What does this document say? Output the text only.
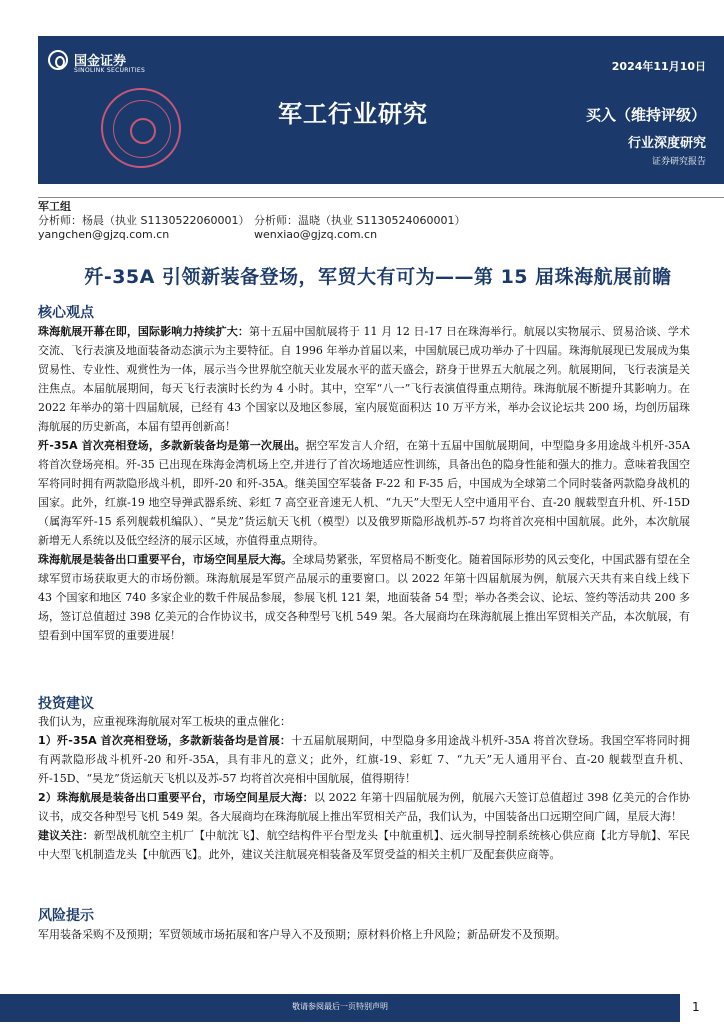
国金证券
SINOLINK SECURITIES
军工行业研究
2024年11月10日
买入（维持评级）
行业深度研究
证券研究报告
军工组
分析师：杨晨（执业 S1130522060001） 分析师：温晓（执业 S1130524060001）
yangchen@gjzq.com.cn	wenxiao@gjzq.com.cn
歼-35A 引领新装备登场，军贸大有可为——第 15 届珠海航展前瞻
核心观点

珠海航展开幕在即，国际影响力持续扩大：第十五届中国航展将于 11 月 12 日-17 日在珠海举行。航展以实物展示、贸易洽谈、学术交流、飞行表演及地面装备动态演示为主要特征。自 1996 年举办首届以来，中国航展已成功举办了十四届。珠海航展现已发展成为集贸易性、专业性、观赏性为一体，展示当今世界航空航天业发展水平的蓝天盛会，跻身于世界五大航展之列。航展期间，飞行表演是关注焦点。本届航展期间，每天飞行表演时长约为 4 小时。其中，空军“八一”飞行表演值得重点期待。珠海航展不断提升其影响力。在 2022 年举办的第十四届航展，已经有 43 个国家以及地区参展，室内展览面积达 10 万平方米，举办会议论坛共 200 场，均创历届珠海航展的历史新高，本届有望再创新高！

歼-35A 首次亮相登场，多款新装备均是第一次展出。据空军发言人介绍，在第十五届中国航展期间，中型隐身多用途战斗机歼-35A 将首次登场亮相。歼-35 已出现在珠海金湾机场上空,并进行了首次场地适应性训练，具备出色的隐身性能和强大的推力。意味着我国空军将同时拥有两款隐形战斗机，即歼-20 和歼-35A。继美国空军装备 F-22 和 F-35 后，中国成为全球第二个同时装备两款隐身战机的国家。此外，红旗-19 地空导弹武器系统、彩虹 7 高空亚音速无人机、“九天”大型无人空中通用平台、直-20 舰载型直升机、歼-15D（属海军歼-15 系列舰载机编队）、“昊龙”货运航天飞机（模型）以及俄罗斯隐形战机苏-57 均将首次亮相中国航展。此外，本次航展新增无人系统以及低空经济的展示区域，亦值得重点期待。

珠海航展是装备出口重要平台，市场空间星辰大海。全球局势紧张，军贸格局不断变化。随着国际形势的风云变化，中国武器有望在全球军贸市场获取更大的市场份额。珠海航展是军贸产品展示的重要窗口。以 2022 年第十四届航展为例，航展六天共有来自线上线下 43 个国家和地区 740 多家企业的数千件展品参展，参展飞机 121 架，地面装备 54 型；举办各类会议、论坛、签约等活动共 200 多场，签订总值超过 398 亿美元的合作协议书，成交各种型号飞机 549 架。各大展商均在珠海航展上推出军贸相关产品，本次航展，有望看到中国军贸的重要进展！

投资建议

我们认为，应重视珠海航展对军工板块的重点催化：

1）歼-35A 首次亮相登场，多款新装备均是首展：十五届航展期间，中型隐身多用途战斗机歼-35A 将首次登场。我国空军将同时拥有两款隐形战斗机歼-20 和歼-35A，具有非凡的意义；此外，红旗-19、彩虹 7、“九天”无人通用平台、直-20 舰载型直升机、歼-15D、“昊龙”货运航天飞机以及苏-57 均将首次亮相中国航展，值得期待！

2）珠海航展是装备出口重要平台，市场空间星辰大海：以 2022 年第十四届航展为例，航展六天签订总值超过 398 亿美元的合作协议书，成交各种型号飞机 549 架。各大展商均在珠海航展上推出军贸相关产品，我们认为，中国装备出口远期空间广阔，星辰大海！

建议关注：新型战机航空主机厂【中航沈飞】、航空结构件平台型龙头【中航重机】、远火制导控制系统核心供应商【北方导航】、军民中大型飞机制造龙头【中航西飞】。此外，建议关注航展亮相装备及军贸受益的相关主机厂及配套供应商等。

风险提示

军用装备采购不及预期；军贸领域市场拓展和客户导入不及预期；原材料价格上升风险；新品研发不及预期。

敬请参阅最后一页特别声明	1
